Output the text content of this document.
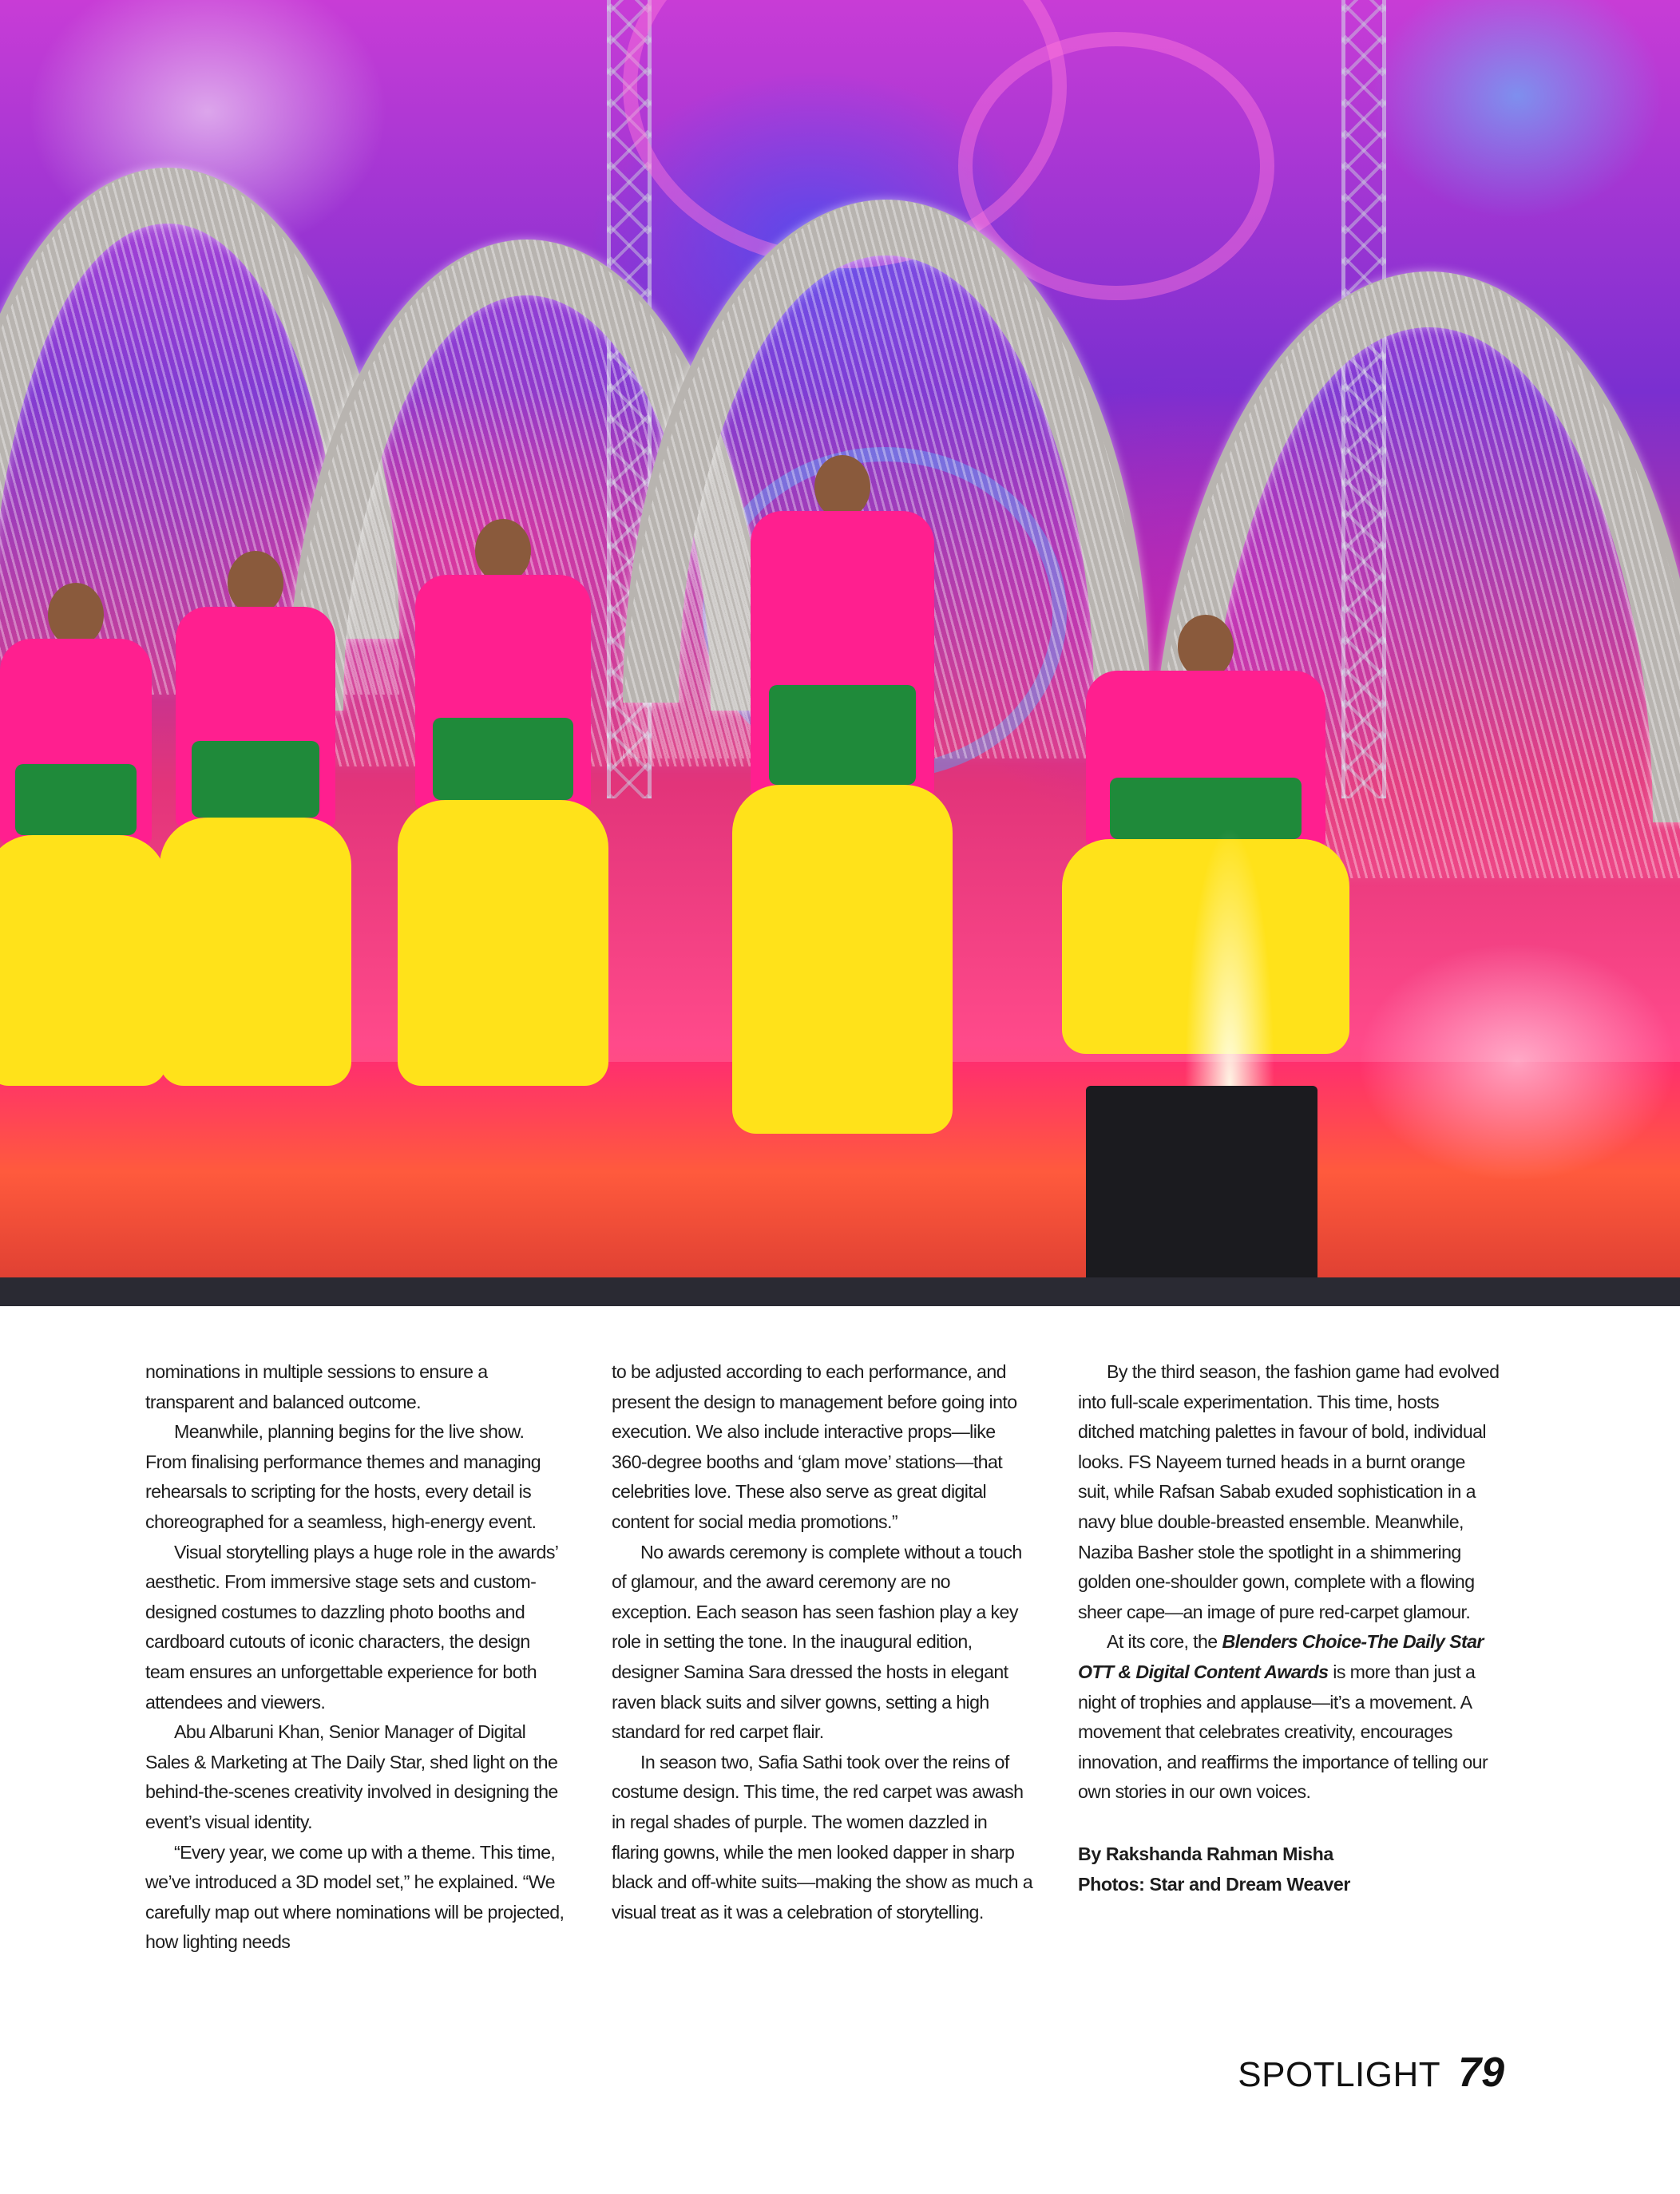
nominations in multiple sessions to ensure a transparent and balanced outcome.

Meanwhile, planning begins for the live show. From finalising performance themes and managing rehearsals to scripting for the hosts, every detail is choreographed for a seamless, high-energy event.

Visual storytelling plays a huge role in the awards’ aesthetic. From immersive stage sets and custom-designed costumes to dazzling photo booths and cardboard cutouts of iconic characters, the design team ensures an unforgettable experience for both attendees and viewers.

Abu Albaruni Khan, Senior Manager of Digital Sales & Marketing at The Daily Star, shed light on the behind-the-scenes creativity involved in designing the event’s visual identity.

“Every year, we come up with a theme. This time, we’ve introduced a 3D model set,” he explained. “We carefully map out where nominations will be projected, how lighting needs

to be adjusted according to each performance, and present the design to management before going into execution. We also include interactive props—like 360-degree booths and ‘glam move’ stations—that celebrities love. These also serve as great digital content for social media promotions.”

No awards ceremony is complete without a touch of glamour, and the award ceremony are no exception. Each season has seen fashion play a key role in setting the tone. In the inaugural edition, designer Samina Sara dressed the hosts in elegant raven black suits and silver gowns, setting a high standard for red carpet flair.

In season two, Safia Sathi took over the reins of costume design. This time, the red carpet was awash in regal shades of purple. The women dazzled in flaring gowns, while the men looked dapper in sharp black and off-white suits—making the show as much a visual treat as it was a celebration of storytelling.

By the third season, the fashion game had evolved into full-scale experimentation. This time, hosts ditched matching palettes in favour of bold, individual looks. FS Nayeem turned heads in a burnt orange suit, while Rafsan Sabab exuded sophistication in a navy blue double-breasted ensemble. Meanwhile, Naziba Basher stole the spotlight in a shimmering golden one-shoulder gown, complete with a flowing sheer cape—an image of pure red-carpet glamour.

At its core, the Blenders Choice-The Daily Star OTT & Digital Content Awards is more than just a night of trophies and applause—it’s a movement. A movement that celebrates creativity, encourages innovation, and reaffirms the importance of telling our own stories in our own voices.

By Rakshanda Rahman Misha
Photos: Star and Dream Weaver
SPOTLIGHT 79
